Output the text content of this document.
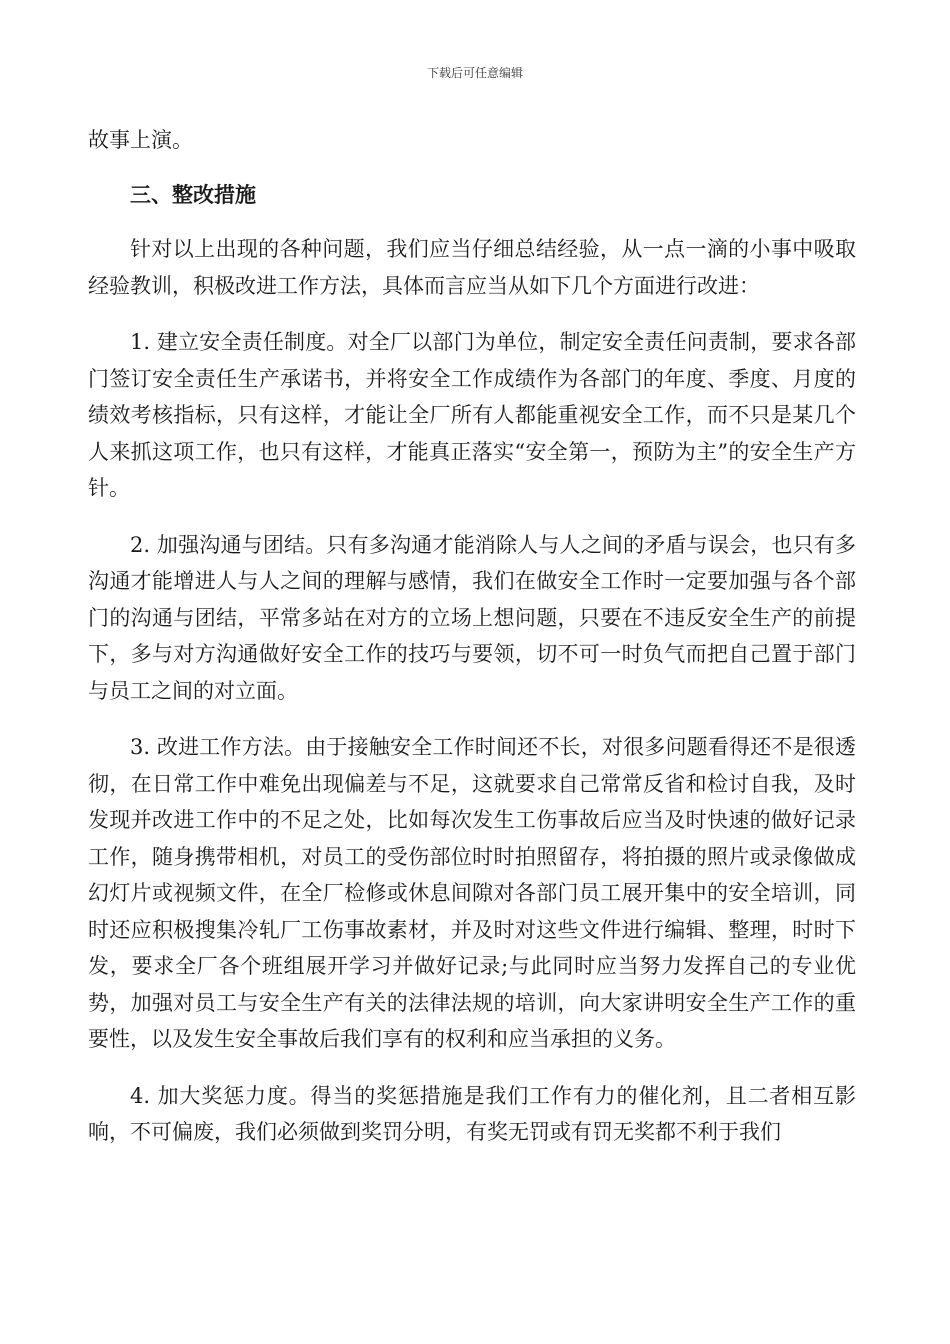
下载后可任意编辑

故事上演。

三、整改措施

针对以上出现的各种问题，我们应当仔细总结经验，从一点一滴的小事中吸取经验教训，积极改进工作方法，具体而言应当从如下几个方面进行改进：

1. 建立安全责任制度。对全厂以部门为单位，制定安全责任问责制，要求各部门签订安全责任生产承诺书，并将安全工作成绩作为各部门的年度、季度、月度的绩效考核指标，只有这样，才能让全厂所有人都能重视安全工作，而不只是某几个人来抓这项工作，也只有这样，才能真正落实“安全第一，预防为主”的安全生产方针。

2. 加强沟通与团结。只有多沟通才能消除人与人之间的矛盾与误会，也只有多沟通才能增进人与人之间的理解与感情，我们在做安全工作时一定要加强与各个部门的沟通与团结，平常多站在对方的立场上想问题，只要在不违反安全生产的前提下，多与对方沟通做好安全工作的技巧与要领，切不可一时负气而把自己置于部门与员工之间的对立面。

3. 改进工作方法。由于接触安全工作时间还不长，对很多问题看得还不是很透彻，在日常工作中难免出现偏差与不足，这就要求自己常常反省和检讨自我，及时发现并改进工作中的不足之处，比如每次发生工伤事故后应当及时快速的做好记录工作，随身携带相机，对员工的受伤部位时时拍照留存，将拍摄的照片或录像做成幻灯片或视频文件，在全厂检修或休息间隙对各部门员工展开集中的安全培训，同时还应积极搜集冷轧厂工伤事故素材，并及时对这些文件进行编辑、整理，时时下发，要求全厂各个班组展开学习并做好记录;与此同时应当努力发挥自己的专业优势，加强对员工与安全生产有关的法律法规的培训，向大家讲明安全生产工作的重要性，以及发生安全事故后我们享有的权利和应当承担的义务。

4. 加大奖惩力度。得当的奖惩措施是我们工作有力的催化剂，且二者相互影响，不可偏废，我们必须做到奖罚分明，有奖无罚或有罚无奖都不利于我们
